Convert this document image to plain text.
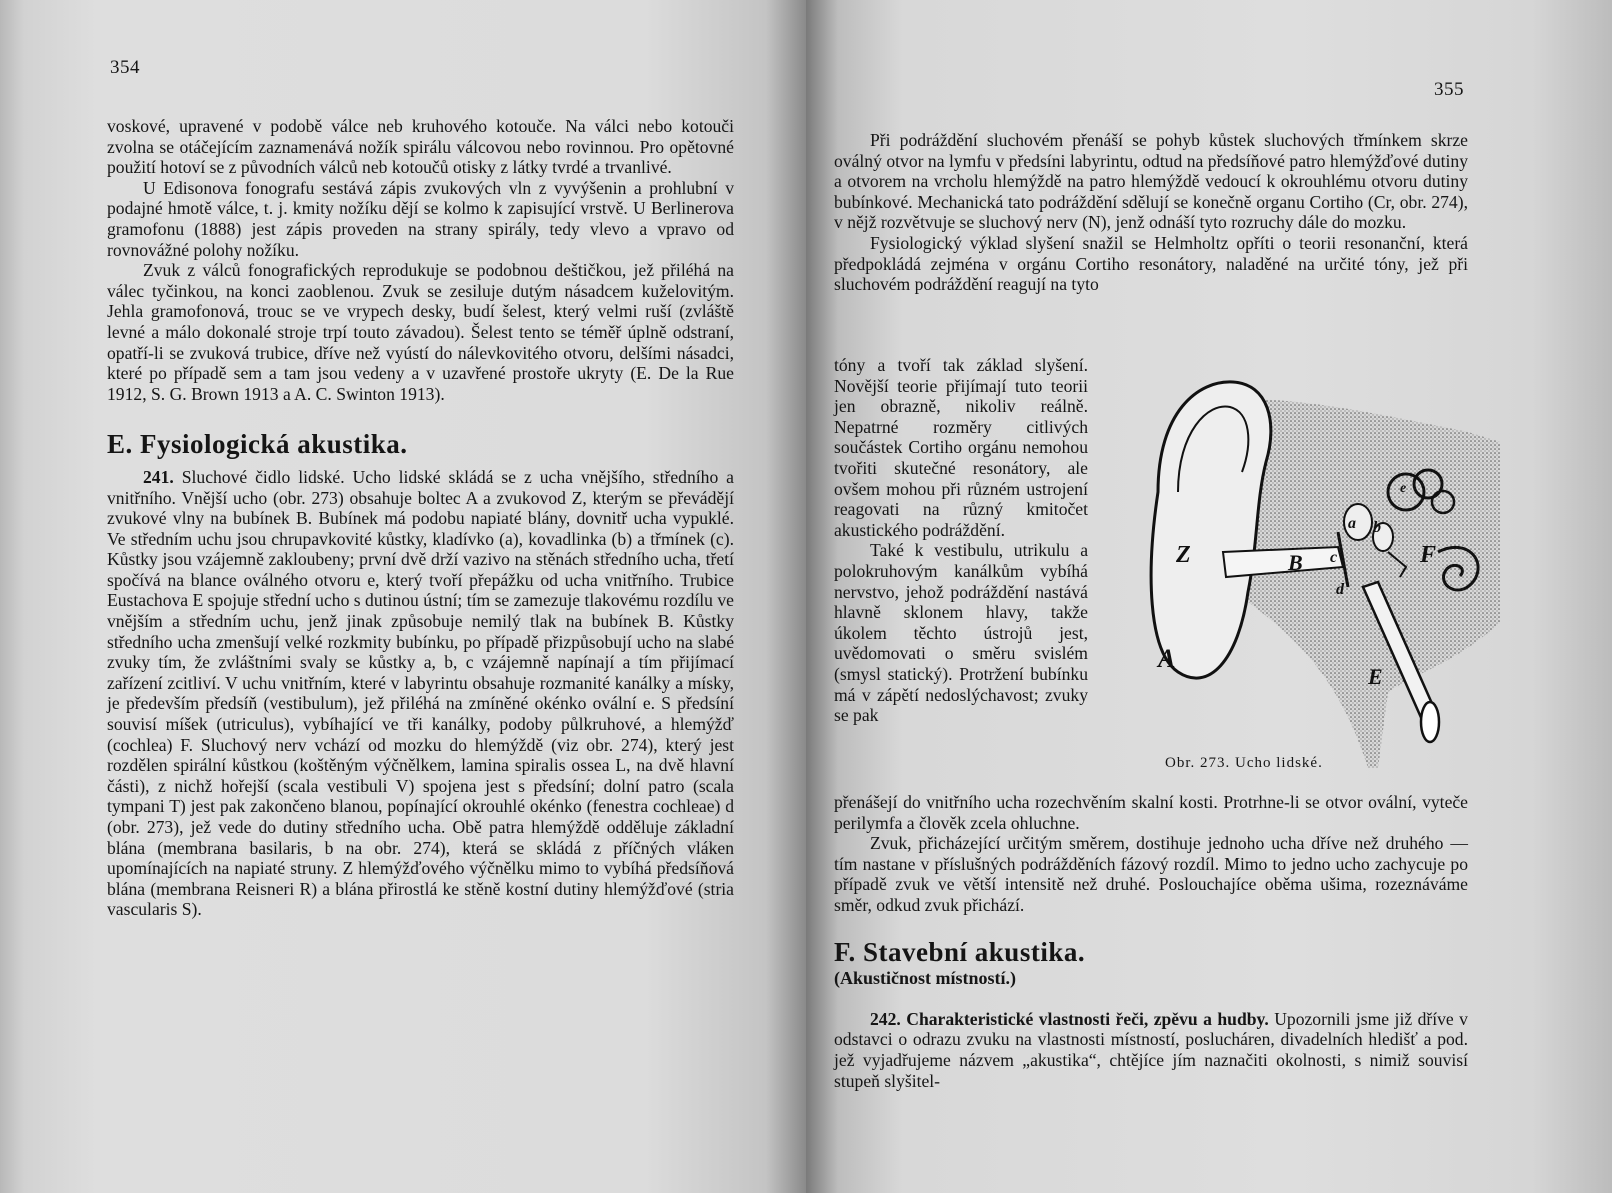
354

voskové, upravené v podobě válce neb kruhového kotouče. Na válci nebo kotouči zvolna se otáčejícím zaznamenává nožík spirálu válcovou nebo rovinnou. Pro opětovné použití hotoví se z původních válců neb kotoučů otisky z látky tvrdé a trvanlivé.

U Edisonova fonografu sestává zápis zvukových vln z vyvýšenin a prohlubní v podajné hmotě válce, t. j. kmity nožíku dějí se kolmo k zapisující vrstvě. U Berlinerova gramofonu (1888) jest zápis proveden na strany spirály, tedy vlevo a vpravo od rovnovážné polohy nožíku.

Zvuk z válců fonografických reprodukuje se podobnou deštičkou, jež přiléhá na válec tyčinkou, na konci zaoblenou. Zvuk se zesiluje dutým násadcem kuželovitým. Jehla gramofonová, trouc se ve vrypech desky, budí šelest, který velmi ruší (zvláště levné a málo dokonalé stroje trpí touto závadou). Šelest tento se téměř úplně odstraní, opatří-li se zvuková trubice, dříve než vyústí do nálevkovitého otvoru, delšími násadci, které po případě sem a tam jsou vedeny a v uzavřené prostoře ukryty (E. De la Rue 1912, S. G. Brown 1913 a A. C. Swinton 1913).

E. Fysiologická akustika.

241. Sluchové čidlo lidské. Ucho lidské skládá se z ucha vnějšího, středního a vnitřního. Vnější ucho (obr. 273) obsahuje boltec A a zvukovod Z, kterým se převádějí zvukové vlny na bubínek B. Bubínek má podobu napiaté blány, dovnitř ucha vypuklé. Ve středním uchu jsou chrupavkovité kůstky, kladívko (a), kovadlinka (b) a třmínek (c). Kůstky jsou vzájemně zakloubeny; první dvě drží vazivo na stěnách středního ucha, třetí spočívá na blance oválného otvoru e, který tvoří přepážku od ucha vnitřního. Trubice Eustachova E spojuje střední ucho s dutinou ústní; tím se zamezuje tlakovému rozdílu ve vnějším a středním uchu, jenž jinak způsobuje nemilý tlak na bubínek B. Kůstky středního ucha zmenšují velké rozkmity bubínku, po případě přizpůsobují ucho na slabé zvuky tím, že zvláštními svaly se kůstky a, b, c vzájemně napínají a tím přijímací zařízení zcitliví. V uchu vnitřním, které v labyrintu obsahuje rozmanité kanálky a mísky, je především předsíň (vestibulum), jež přiléhá na zmíněné okénko ovální e. S předsíní souvisí míšek (utriculus), vybíhající ve tři kanálky, podoby půlkruhové, a hlemýžď (cochlea) F. Sluchový nerv vchází od mozku do hlemýždě (viz obr. 274), který jest rozdělen spirální kůstkou (koštěným výčnělkem, lamina spiralis ossea L, na dvě hlavní části), z nichž hořejší (scala vestibuli V) spojena jest s předsíní; dolní patro (scala tympani T) jest pak zakončeno blanou, popínající okrouhlé okénko (fenestra cochleae) d (obr. 273), jež vede do dutiny středního ucha. Obě patra hlemýždě odděluje základní blána (membrana basilaris, b na obr. 274), která se skládá z příčných vláken upomínajících na napiaté struny. Z hlemýžďového výčnělku mimo to vybíhá předsíňová blána (membrana Reisneri R) a blána přirostlá ke stěně kostní dutiny hlemýžďové (stria vascularis S).

355

Při podráždění sluchovém přenáší se pohyb kůstek sluchových třmínkem skrze oválný otvor na lymfu v předsíni labyrintu, odtud na předsíňové patro hlemýžďové dutiny a otvorem na vrcholu hlemýždě na patro hlemýždě vedoucí k okrouhlému otvoru dutiny bubínkové. Mechanická tato podráždění sdělují se konečně organu Cortiho (Cr, obr. 274), v nějž rozvětvuje se sluchový nerv (N), jenž odnáší tyto rozruchy dále do mozku.

Fysiologický výklad slyšení snažil se Helmholtz opříti o teorii resonanční, která předpokládá zejména v orgánu Cortiho resonátory, naladěné na určité tóny, jež při sluchovém podráždění reagují na tyto

tóny a tvoří tak základ slyšení. Novější teorie přijímají tuto teorii jen obrazně, nikoliv reálně. Nepatrné rozměry citlivých součástek Cortiho orgánu nemohou tvořiti skutečné resonátory, ale ovšem mohou při různém ustrojení reagovati na různý kmitočet akustického podráždění.

Také k vestibulu, utrikulu a polokruhovým kanálkům vybíhá nervstvo, jehož podráždění nastává hlavně sklonem hlavy, takže úkolem těchto ústrojů jest, uvědomovati o směru svislém (smysl statický). Protržení bubínku má v zápětí nedoslýchavost; zvuky se pak

přenášejí do vnitřního ucha rozechvěním skalní kosti. Protrhne-li se otvor ovální, vyteče perilymfa a člověk zcela ohluchne.

Zvuk, přicházející určitým směrem, dostihuje jednoho ucha dříve než druhého — tím nastane v příslušných podrážděních fázový rozdíl. Mimo to jedno ucho zachycuje po případě zvuk ve větší intensitě než druhé. Poslouchajíce oběma ušima, rozeznáváme směr, odkud zvuk přichází.

F. Stavební akustika.

(Akustičnost místností.)

242. Charakteristické vlastnosti řeči, zpěvu a hudby. Upozornili jsme již dříve v odstavci o odrazu zvuku na vlastnosti místností, poslucháren, divadelních hledišť a pod. jež vyjadřujeme názvem „akustika“, chtějíce jím naznačiti okolnosti, s nimiž souvisí stupeň slyšitel-

A
Z	B
E
F
a b
c
d
e
Obr. 273. Ucho lidské.
